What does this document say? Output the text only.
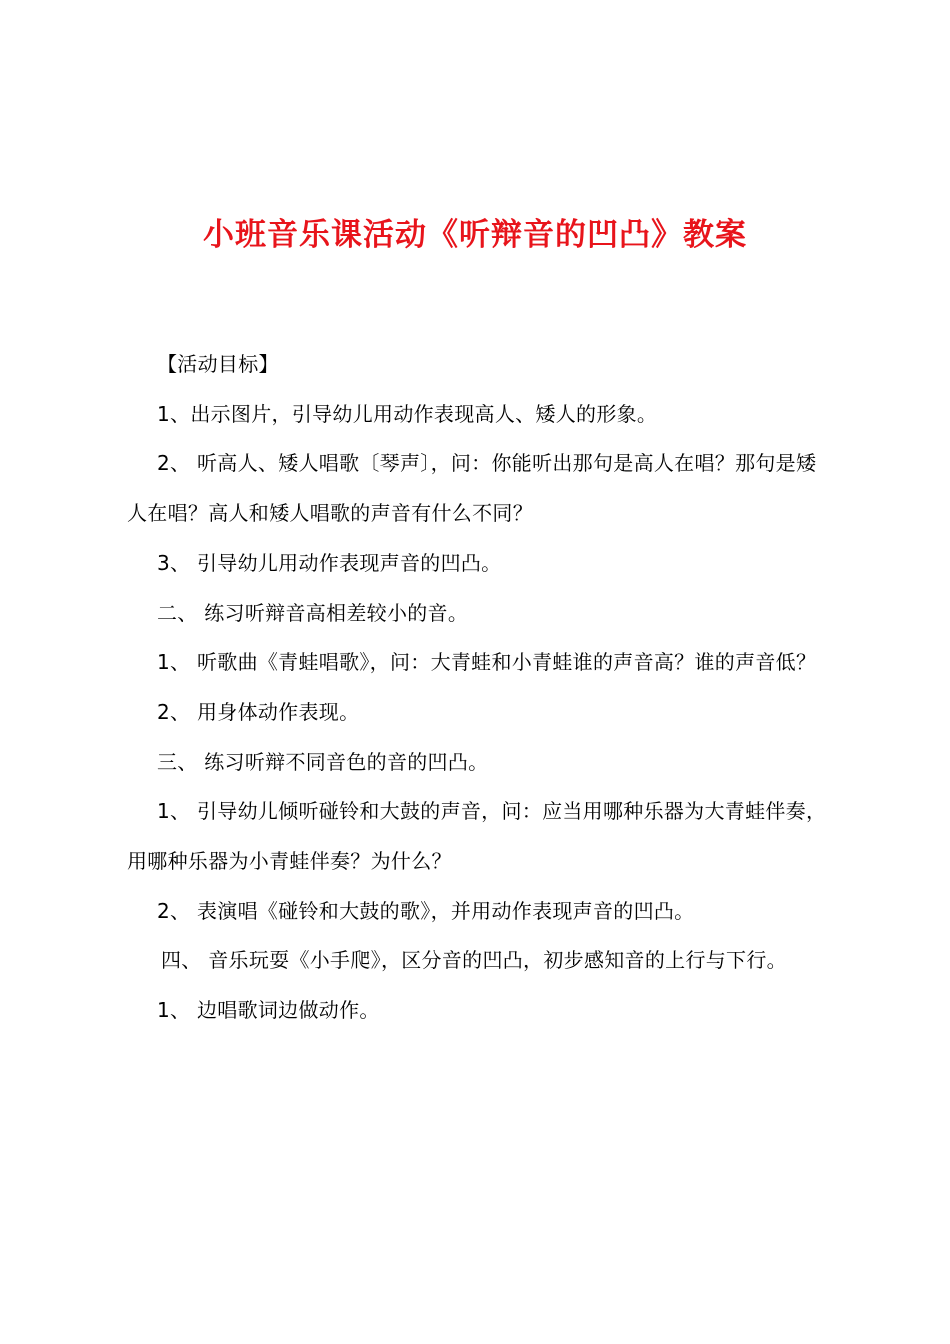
小班音乐课活动《听辩音的凹凸》教案

【活动目标】

1、出示图片，引导幼儿用动作表现高人、矮人的形象。

2、 听高人、矮人唱歌〔琴声〕，问：你能听出那句是高人在唱？那句是矮人在唱？高人和矮人唱歌的声音有什么不同？

3、 引导幼儿用动作表现声音的凹凸。

二、 练习听辩音高相差较小的音。

1、 听歌曲《青蛙唱歌》，问：大青蛙和小青蛙谁的声音高？谁的声音低？

2、 用身体动作表现。

三、 练习听辩不同音色的音的凹凸。

1、 引导幼儿倾听碰铃和大鼓的声音，问：应当用哪种乐器为大青蛙伴奏，用哪种乐器为小青蛙伴奏？为什么？

2、 表演唱《碰铃和大鼓的歌》，并用动作表现声音的凹凸。

四、 音乐玩耍《小手爬》，区分音的凹凸，初步感知音的上行与下行。

1、 边唱歌词边做动作。
